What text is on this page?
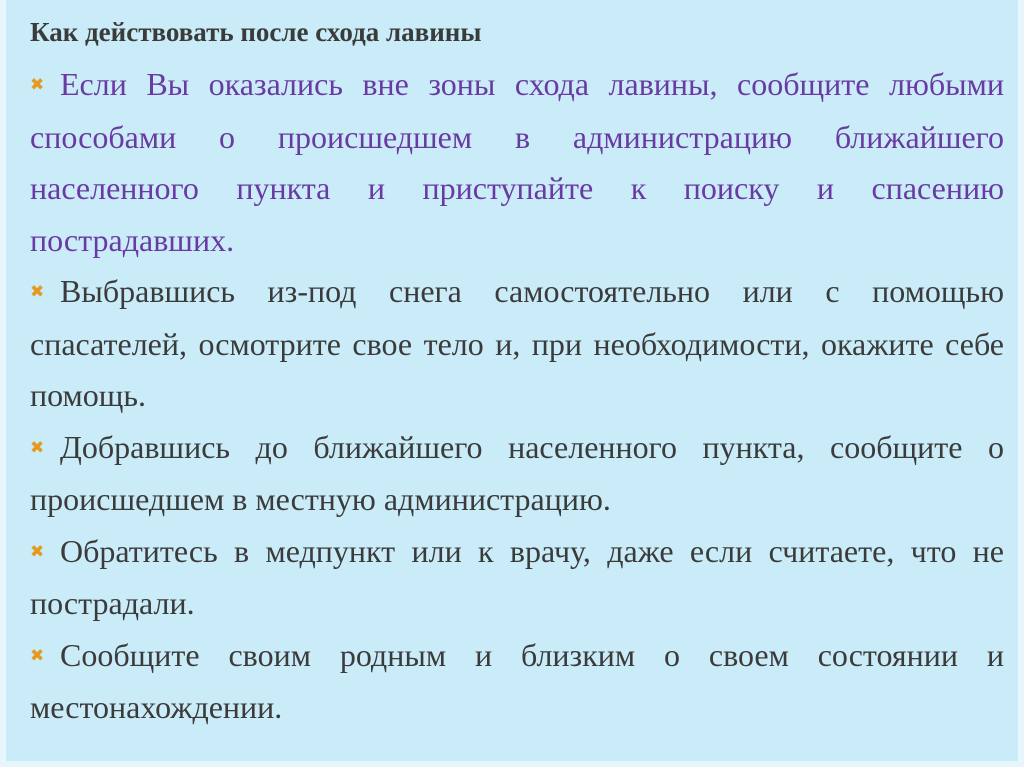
Как действовать после схода лавины
✖ Если Вы оказались вне зоны схода лавины, сообщите любыми способами о происшедшем в администрацию ближайшего населенного пункта и приступайте к поиску и спасению пострадавших.
✖ Выбравшись из-под снега самостоятельно или с помощью спасателей, осмотрите свое тело и, при необходимости, окажите себе помощь.
✖ Добравшись до ближайшего населенного пункта, сообщите о происшедшем в местную администрацию.
✖ Обратитесь в медпункт или к врачу, даже если считаете, что не пострадали.
✖ Сообщите своим родным и близким о своем состоянии и местонахождении.
